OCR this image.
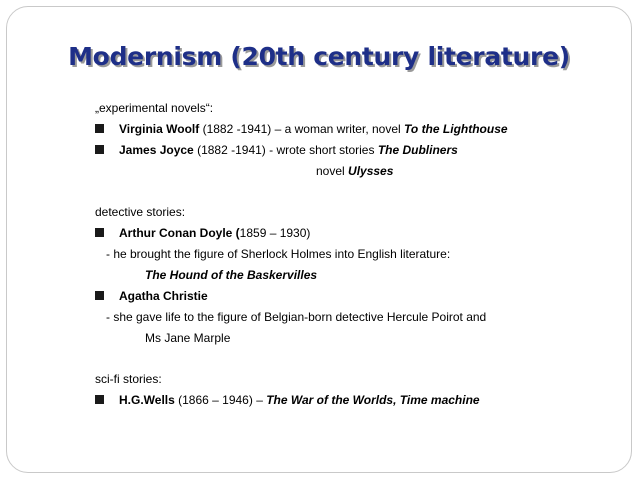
Modernism (20th century literature)
„experimental novels“:
Virginia Woolf (1882 -1941) – a woman writer, novel To the Lighthouse
James Joyce (1882 -1941) - wrote short stories The Dubliners
novel Ulysses
detective stories:
Arthur Conan Doyle (1859 – 1930)
- he brought the figure of Sherlock Holmes into English literature:
The Hound of the Baskervilles
Agatha Christie
- she gave life to the figure of Belgian-born detective Hercule Poirot and
Ms Jane Marple
sci-fi stories:
H.G.Wells (1866 – 1946) – The War of the Worlds, Time machine
